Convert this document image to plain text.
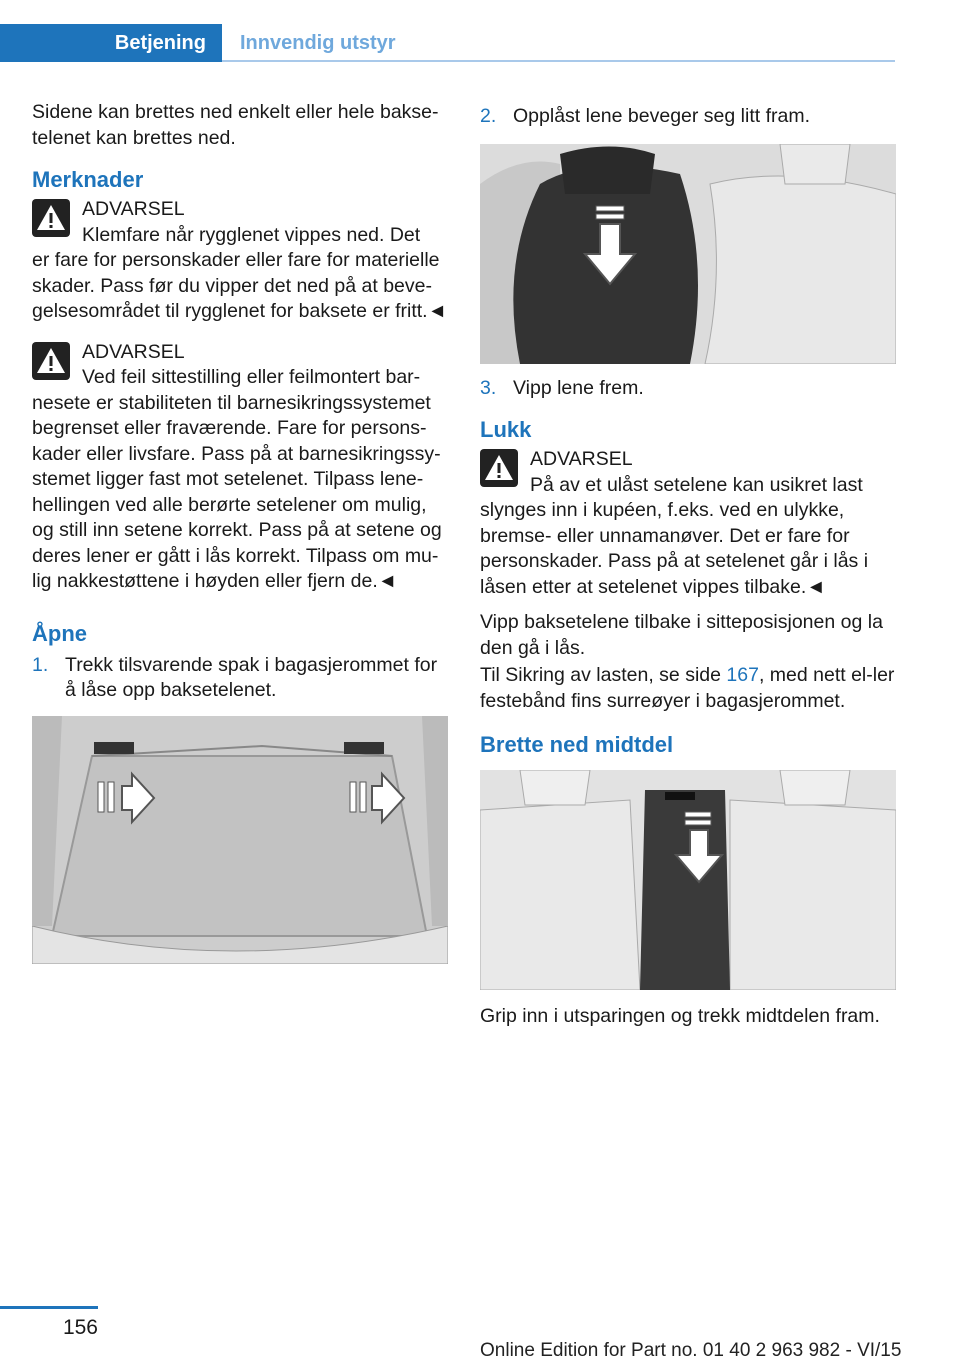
Betjening	Innvendig utstyr

Sidene kan brettes ned enkelt eller hele bakse-telenet kan brettes ned.

Merknader

ADVARSEL

Klemfare når rygglenet vippes ned. Det

er fare for personskader eller fare for materielle skader. Pass før du vipper det ned på at beve-gelsesområdet til rygglenet for baksete er fritt.◄

ADVARSEL

Ved feil sittestilling eller feilmontert bar-

nesete er stabiliteten til barnesikringssystemet begrenset eller fraværende. Fare for persons-kader eller livsfare. Pass på at barnesikringssy-stemet ligger fast mot setelenet. Tilpass lene-hellingen ved alle berørte setelener om mulig, og still inn setene korrekt. Pass på at setene og deres lener er gått i lås korrekt. Tilpass om mu-lig nakkestøttene i høyden eller fjern de.◄

Åpne

1. Trekk tilsvarende spak i bagasjerommet for å låse opp baksetelenet.

2. Opplåst lene beveger seg litt fram.

3. Vipp lene frem.

Lukk

ADVARSEL

På av et ulåst setelene kan usikret last

slynges inn i kupéen, f.eks. ved en ulykke, bremse- eller unnamanøver. Det er fare for personskader. Pass på at setelenet går i lås i låsen etter at setelenet vippes tilbake.◄

Vipp baksetelene tilbake i sitteposisjonen og la den gå i lås.

Til Sikring av lasten, se side 167, med nett el-ler festebånd fins surreøyer i bagasjerommet.

Brette ned midtdel

Grip inn i utsparingen og trekk midtdelen fram.

156
Online Edition for Part no. 01 40 2 963 982 - VI/15
